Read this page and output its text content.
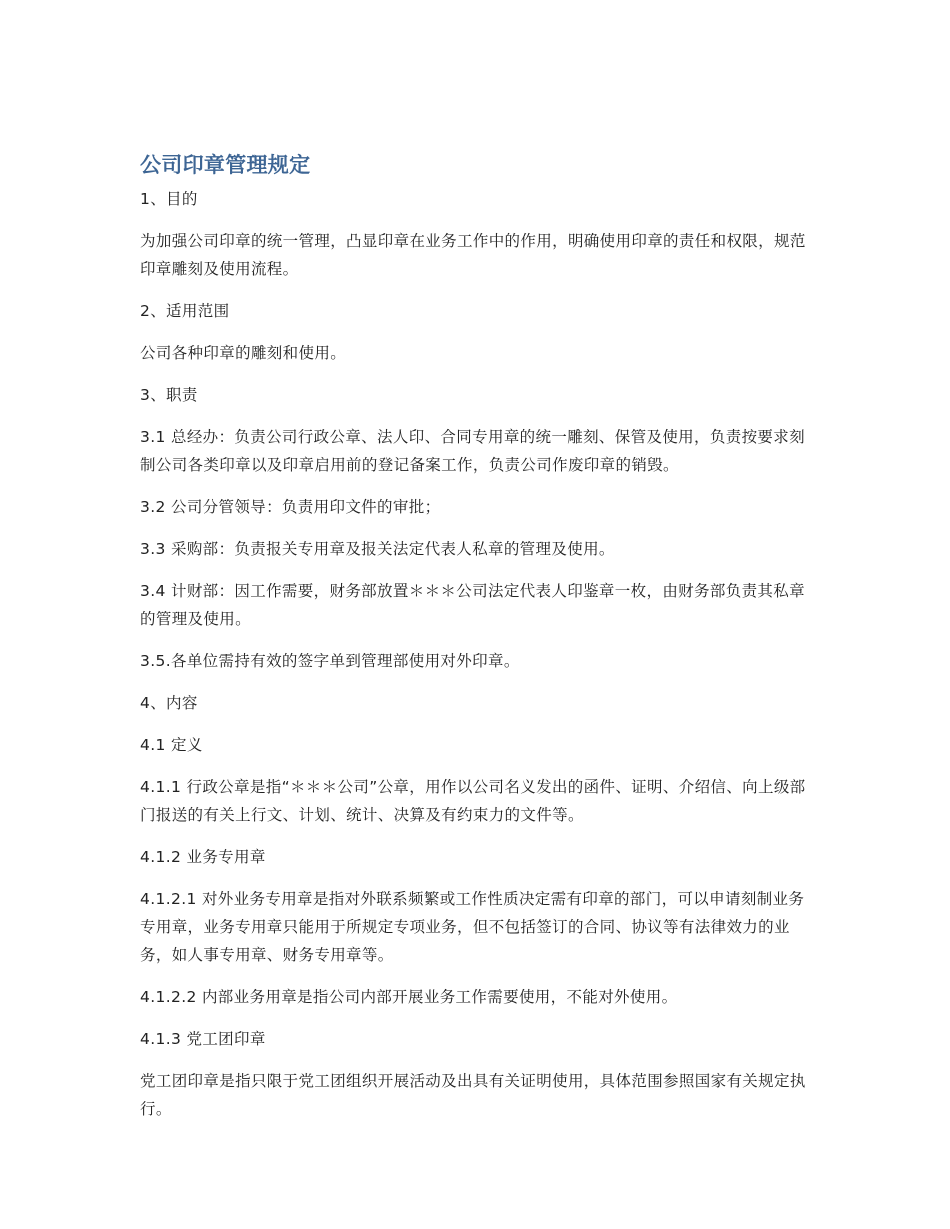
公司印章管理规定

1、目的

为加强公司印章的统一管理，凸显印章在业务工作中的作用，明确使用印章的责任和权限，规范印章雕刻及使用流程。

2、适用范围

公司各种印章的雕刻和使用。

3、职责

3.1 总经办：负责公司行政公章、法人印、合同专用章的统一雕刻、保管及使用，负责按要求刻制公司各类印章以及印章启用前的登记备案工作，负责公司作废印章的销毁。

3.2 公司分管领导：负责用印文件的审批；

3.3 采购部：负责报关专用章及报关法定代表人私章的管理及使用。

3.4 计财部：因工作需要，财务部放置＊＊＊公司法定代表人印鉴章一枚，由财务部负责其私章的管理及使用。

3.5.各单位需持有效的签字单到管理部使用对外印章。

4、内容

4.1 定义

4.1.1 行政公章是指“＊＊＊公司”公章，用作以公司名义发出的函件、证明、介绍信、向上级部门报送的有关上行文、计划、统计、决算及有约束力的文件等。

4.1.2 业务专用章

4.1.2.1 对外业务专用章是指对外联系频繁或工作性质决定需有印章的部门，可以申请刻制业务专用章，业务专用章只能用于所规定专项业务，但不包括签订的合同、协议等有法律效力的业务，如人事专用章、财务专用章等。

4.1.2.2 内部业务用章是指公司内部开展业务工作需要使用，不能对外使用。

4.1.3 党工团印章

党工团印章是指只限于党工团组织开展活动及出具有关证明使用，具体范围参照国家有关规定执行。
